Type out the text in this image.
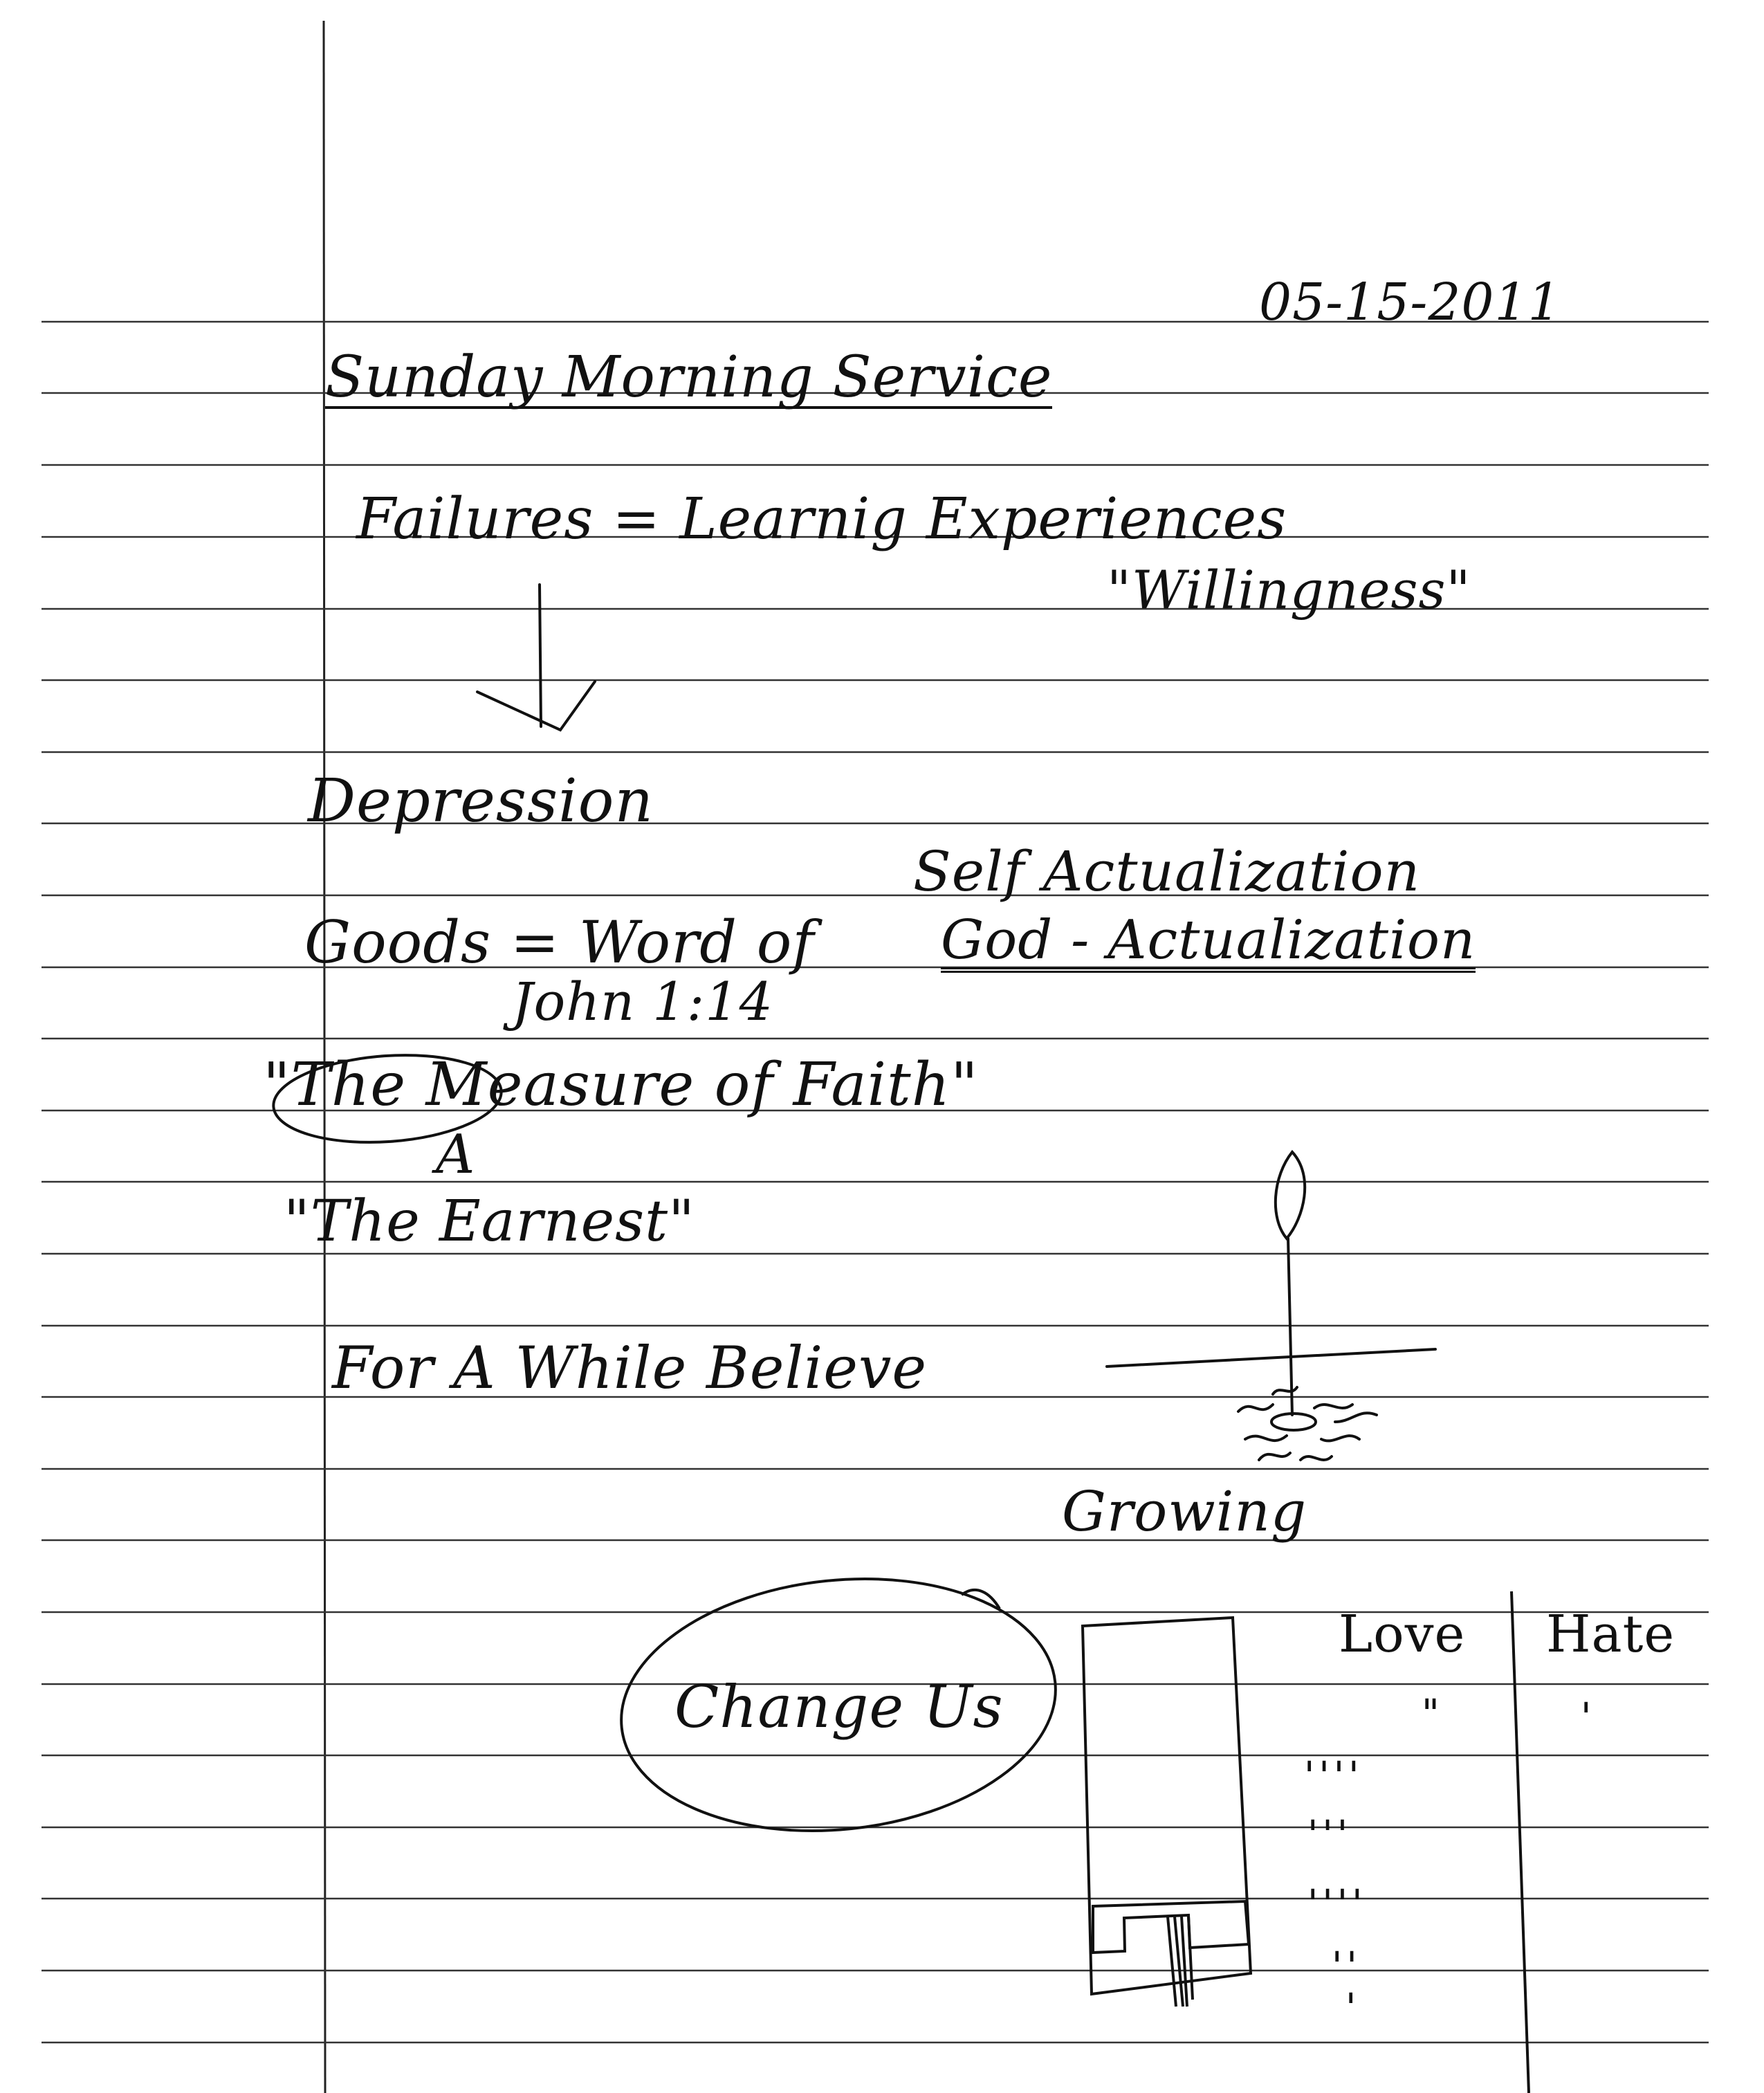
05-15-2011
Sunday Morning Service
Failures = Learnig Experiences
"Willingness"
Depression
Self Actualization
Goods = Word of God - Actualization
John 1:14
"The Measure of Faith"
A
"The Earnest"
For A While Believe
Growing
Change Us
Love Hate
"
''''
'''
''''
''
'
'
